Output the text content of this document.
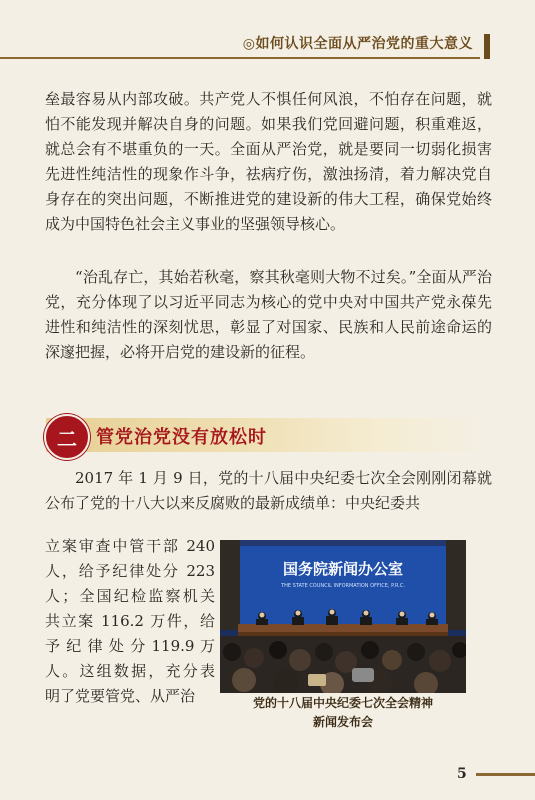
◎如何认识全面从严治党的重大意义

垒最容易从内部攻破。共产党人不惧任何风浪，不怕存在问题，就怕不能发现并解决自身的问题。如果我们党回避问题，积重难返，就总会有不堪重负的一天。全面从严治党，就是要同一切弱化损害先进性纯洁性的现象作斗争，祛病疗伤，激浊扬清，着力解决党自身存在的突出问题，不断推进党的建设新的伟大工程，确保党始终成为中国特色社会主义事业的坚强领导核心。

“治乱存亡，其始若秋毫，察其秋毫则大物不过矣。”全面从严治党，充分体现了以习近平同志为核心的党中央对中国共产党永葆先进性和纯洁性的深刻忧思，彰显了对国家、民族和人民前途命运的深邃把握，必将开启党的建设新的征程。

二	管党治党没有放松时

2017 年 1 月 9 日，党的十八届中央纪委七次全会刚刚闭幕就公布了党的十八大以来反腐败的最新成绩单：中央纪委共

立案审查中管干部 240
人，给予纪律处分 223
人；全国纪检监察机关
共立案 116.2 万件，给
予 纪 律 处 分 119.9 万
人。这组数据，充分表
明了党要管党、从严治

国务院新闻办公室
THE STATE COUNCIL INFORMATION OFFICE, P.R.C.
党的十八届中央纪委七次全会精神
新闻发布会
5
